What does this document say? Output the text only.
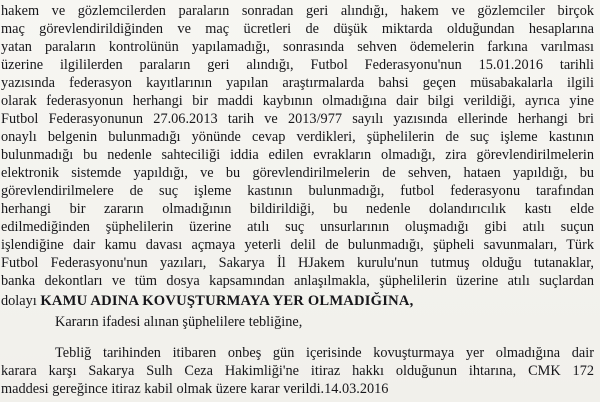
hakem ve gözlemcilerden paraların sonradan geri alındığı, hakem ve gözlemciler birçok
maç görevlendirildiğinden ve maç ücretleri de düşük miktarda olduğundan hesaplarına
yatan paraların kontrolünün yapılamadığı, sonrasında sehven ödemelerin farkına varılması
üzerine ilgililerden paraların geri alındığı, Futbol Federasyonu'nun 15.01.2016 tarihli
yazısında federasyon kayıtlarının yapılan araştırmalarda bahsi geçen müsabakalarla ilgili
olarak federasyonun herhangi bir maddi kaybının olmadığına dair bilgi verildiği, ayrıca yine
Futbol Federasyonunun 27.06.2013 tarih ve 2013/977 sayılı yazısında ellerinde herhangi bri
onaylı belgenin bulunmadığı yönünde cevap verdikleri, şüphelilerin de suç işleme kastının
bulunmadığı bu nedenle sahteciliği iddia edilen evrakların olmadığı, zira görevlendirilmelerin
elektronik sistemde yapıldığı, ve bu görevlendirilmelerin de sehven, hataen yapıldığı, bu
görevlendirilmelere de suç işleme kastının bulunmadığı, futbol federasyonu tarafından
herhangi bir zararın olmadığının bildirildiği, bu nedenle dolandırıcılık kastı elde
edilmediğinden şüphelilerin üzerine atılı suç unsurlarının oluşmadığı gibi atılı suçun
işlendiğine dair kamu davası açmaya yeterli delil de bulunmadığı, şüpheli savunmaları, Türk
Futbol Federasyonu'nun yazıları, Sakarya İl HJakem kurulu'nun tutmuş olduğu tutanaklar,
banka dekontları ve tüm dosya kapsamından anlaşılmakla, şüphelilerin üzerine atılı suçlardan
dolayı KAMU ADINA KOVUŞTURMAYA YER OLMADIĞINA,
Kararın ifadesi alınan şüphelilere tebliğine,
Tebliğ tarihinden itibaren onbeş gün içerisinde kovuşturmaya yer olmadığına dair
karara karşı Sakarya Sulh Ceza Hakimliği'ne itiraz hakkı olduğunun ihtarına, CMK 172
maddesi gereğince itiraz kabil olmak üzere karar verildi.14.03.2016
